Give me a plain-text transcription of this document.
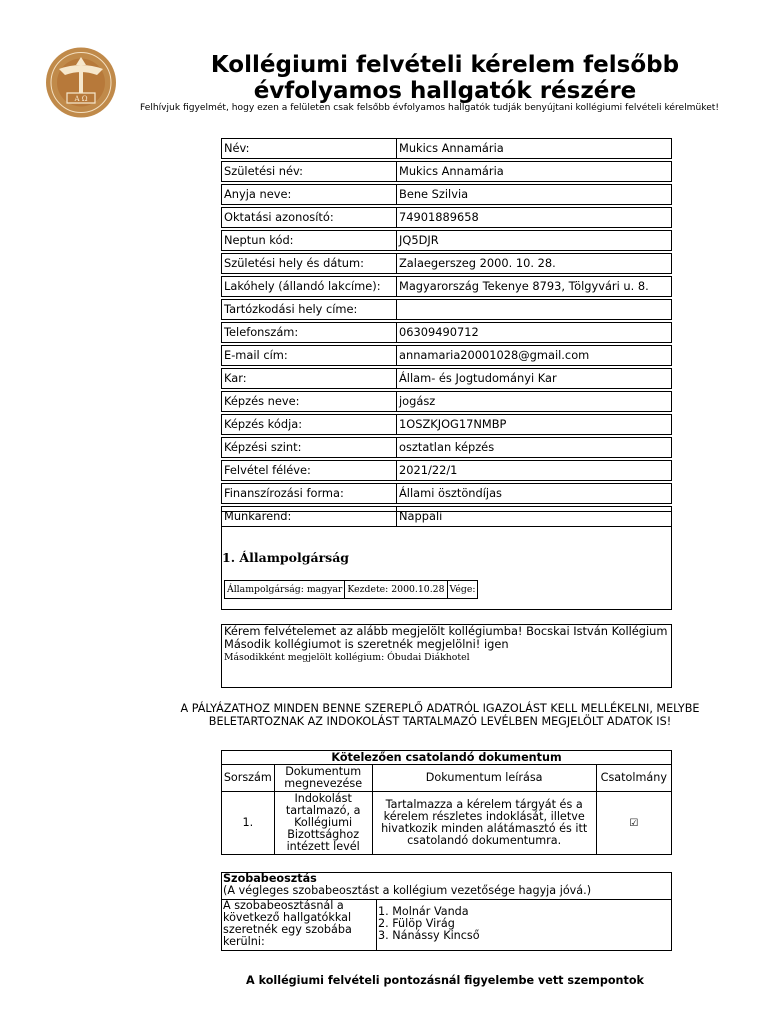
A Ω
Kollégiumi felvételi kérelem felsőbb
évfolyamos hallgatók részére
Felhívjuk figyelmét, hogy ezen a felületen csak felsőbb évfolyamos hallgatók tudják benyújtani kollégiumi felvételi kérelmüket!
Név:	Mukics Annamária

Születési név:	Mukics Annamária

Anyja neve:	Bene Szilvia

Oktatási azonosító:	74901889658

Neptun kód:	JQ5DJR

Születési hely és dátum:	Zalaegerszeg 2000. 10. 28.

Lakóhely (állandó lakcíme):	Magyarország Tekenye 8793, Tölgyvári u. 8.

Tartózkodási hely címe:	

Telefonszám:	06309490712

E-mail cím:	annamaria20001028@gmail.com

Kar:	Állam- és Jogtudományi Kar

Képzés neve:	jogász

Képzés kódja:	1OSZKJOG17NMBP

Képzési szint:	osztatlan képzés

Felvétel féléve:	2021/22/1

Finanszírozási forma:	Állami ösztöndíjas

Munkarend:	Nappali
1. Állampolgárság
Állampolgárság: magyar	Kezdete: 2000.10.28	Vége:
Kérem felvételemet az alább megjelölt kollégiumba! Bocskai István Kollégium
Második kollégiumot is szeretnék megjelölni! igen
Másodikként megjelölt kollégium: Óbudai Diákhotel
A PÁLYÁZATHOZ MINDEN BENNE SZEREPLŐ ADATRÓL IGAZOLÁST KELL MELLÉKELNI, MELYBE BELETARTOZNAK AZ INDOKOLÁST TARTALMAZÓ LEVÉLBEN MEGJELÖLT ADATOK IS!
Kötelezően csatolandó dokumentum			
Sorszám	Dokumentum megnevezése	Dokumentum leírása	Csatolmány
1.	Indokolást tartalmazó, a Kollégiumi Bizottsághoz intézett levél	Tartalmazza a kérelem tárgyát és a kérelem részletes indoklását, illetve hivatkozik minden alátámasztó és itt csatolandó dokumentumra.	☑
Szobabeosztás
(A végleges szobabeosztást a kollégium vezetősége hagyja jóvá.)

A szobabeosztásnál a következő hallgatókkal szeretnék egy szobába kerülni:	
1. Molnár Vanda
2. Fülöp Virág
3. Nánássy Kincső
A kollégiumi felvételi pontozásnál figyelembe vett szempontok
